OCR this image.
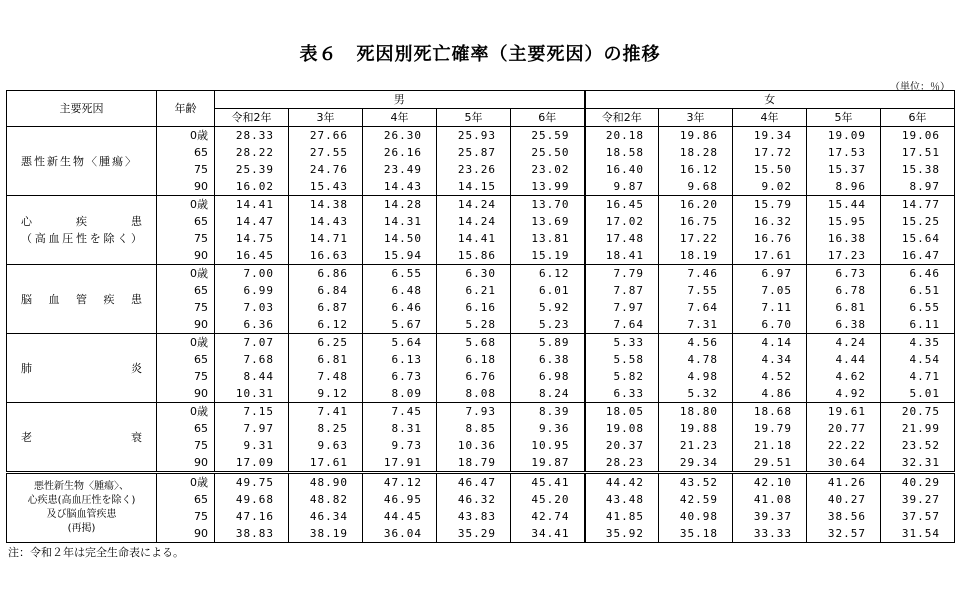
表６　死因別死亡確率（主要死因）の推移
（単位：％）
主要死因	年齢	男					女				
		令和2年	3年	4年	5年	6年	令和2年	3年	4年	5年	6年

悪性新生物〈腫瘍〉	0歳	28.33	27.66	26.30	25.93	25.59	20.18	19.86	19.34	19.09	19.06
	65	28.22	27.55	26.16	25.87	25.50	18.58	18.28	17.72	17.53	17.51
	75	25.39	24.76	23.49	23.26	23.02	16.40	16.12	15.50	15.37	15.38
	90	16.02	15.43	14.43	14.15	13.99	9.87	9.68	9.02	8.96	8.97

心疾患
（高血圧性を除く）	0歳	14.41	14.38	14.28	14.24	13.70	16.45	16.20	15.79	15.44	14.77
	65	14.47	14.43	14.31	14.24	13.69	17.02	16.75	16.32	15.95	15.25
	75	14.75	14.71	14.50	14.41	13.81	17.48	17.22	16.76	16.38	15.64
	90	16.45	16.63	15.94	15.86	15.19	18.41	18.19	17.61	17.23	16.47

脳血管疾患	0歳	7.00	6.86	6.55	6.30	6.12	7.79	7.46	6.97	6.73	6.46
	65	6.99	6.84	6.48	6.21	6.01	7.87	7.55	7.05	6.78	6.51
	75	7.03	6.87	6.46	6.16	5.92	7.97	7.64	7.11	6.81	6.55
	90	6.36	6.12	5.67	5.28	5.23	7.64	7.31	6.70	6.38	6.11

肺炎	0歳	7.07	6.25	5.64	5.68	5.89	5.33	4.56	4.14	4.24	4.35
	65	7.68	6.81	6.13	6.18	6.38	5.58	4.78	4.34	4.44	4.54
	75	8.44	7.48	6.73	6.76	6.98	5.82	4.98	4.52	4.62	4.71
	90	10.31	9.12	8.09	8.08	8.24	6.33	5.32	4.86	4.92	5.01

老衰	0歳	7.15	7.41	7.45	7.93	8.39	18.05	18.80	18.68	19.61	20.75
	65	7.97	8.25	8.31	8.85	9.36	19.08	19.88	19.79	20.77	21.99
	75	9.31	9.63	9.73	10.36	10.95	20.37	21.23	21.18	22.22	23.52
	90	17.09	17.61	17.91	18.79	19.87	28.23	29.34	29.51	30.64	32.31

悪性新生物〈腫瘍〉、
心疾患(高血圧性を除く)
及び脳血管疾患
(再掲)	0歳	49.75	48.90	47.12	46.47	45.41	44.42	43.52	42.10	41.26	40.29
	65	49.68	48.82	46.95	46.32	45.20	43.48	42.59	41.08	40.27	39.27
	75	47.16	46.34	44.45	43.83	42.74	41.85	40.98	39.37	38.56	37.57
	90	38.83	38.19	36.04	35.29	34.41	35.92	35.18	33.33	32.57	31.54
注：令和２年は完全生命表による。
